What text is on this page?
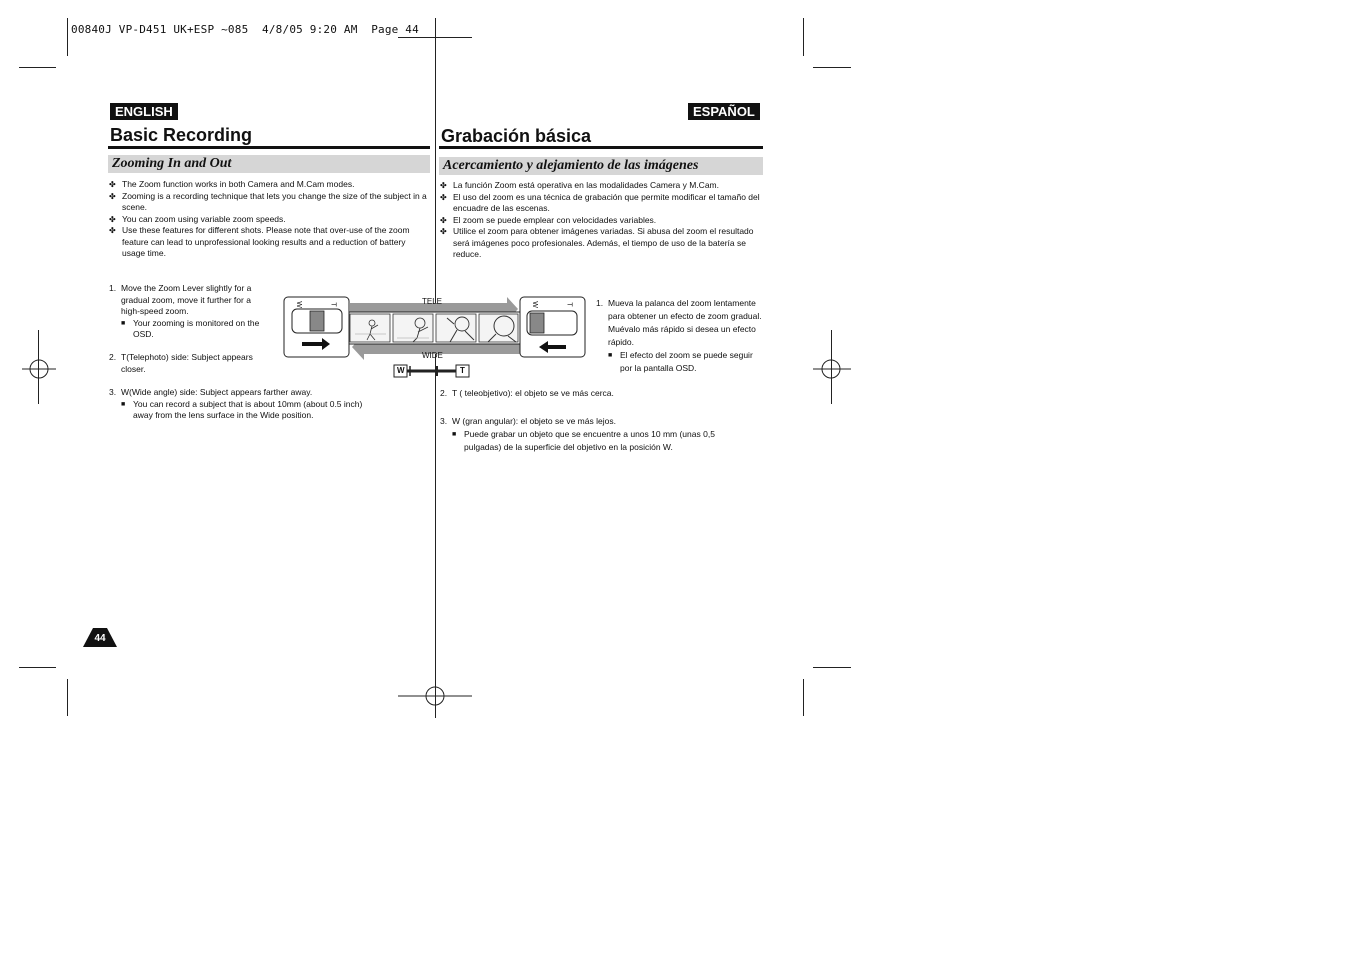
00840J VP-D451 UK+ESP ~085  4/8/05 9:20 AM  Page 44
ENGLISH
Basic Recording
Zooming In and Out
✤ The Zoom function works in both Camera and M.Cam modes.
✤ Zooming is a recording technique that lets you change the size of the subject in a scene.
✤ You can zoom using variable zoom speeds.
✤ Use these features for different shots. Please note that over-use of the zoom feature can lead to unprofessional looking results and a reduction of battery usage time.
1. Move the Zoom Lever slightly for a gradual zoom, move it further for a high-speed zoom.
■ Your zooming is monitored on the OSD.
2. T(Telephoto) side: Subject appears closer.
3. W(Wide angle) side: Subject appears farther away.
■ You can record a subject that is about 10mm (about 0.5 inch) away from the lens surface in the Wide position.
44
ESPAÑOL
Grabación básica
Acercamiento y alejamiento de las imágenes
✤ La función Zoom está operativa en las modalidades Camera y M.Cam.
✤ El uso del zoom es una técnica de grabación que permite modificar el tamaño del encuadre de las escenas.
✤ El zoom se puede emplear con velocidades variables.
✤ Utilice el zoom para obtener imágenes variadas. Si abusa del zoom el resultado será imágenes poco profesionales. Además, el tiempo de uso de la batería se reduce.
1. Mueva la palanca del zoom lentamente para obtener un efecto de zoom gradual. Muévalo más rápido si desea un efecto rápido.
■ El efecto del zoom se puede seguir por la pantalla OSD.
2. T ( teleobjetivo): el objeto se ve más cerca.
3. W (gran angular): el objeto se ve más lejos.
■ Puede grabar un objeto que se encuentre a unos 10 mm (unas 0,5 pulgadas) de la superficie del objetivo en la posición W.
W	T	W	T
TELE
WIDE
W	T
